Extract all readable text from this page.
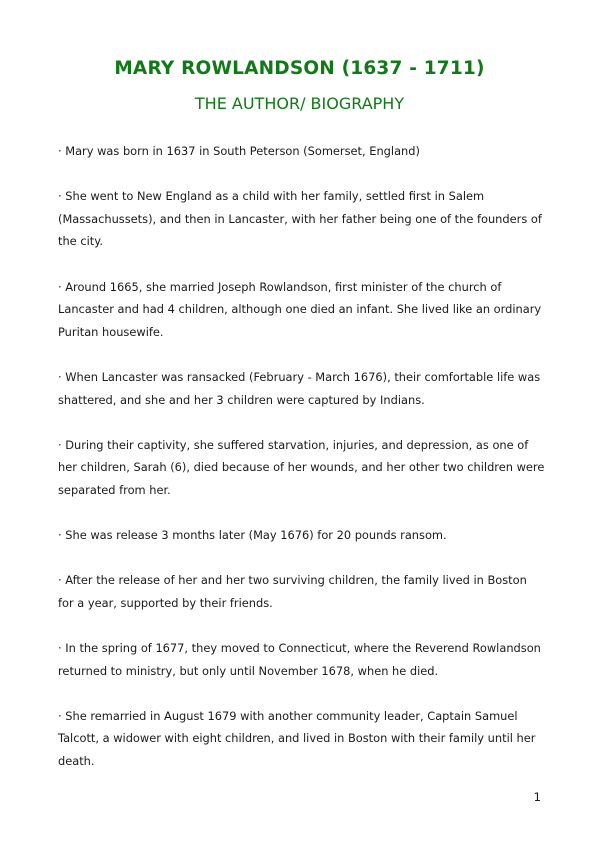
MARY ROWLANDSON (1637 - 1711)
THE AUTHOR/ BIOGRAPHY

· Mary was born in 1637 in South Peterson (Somerset, England)

· She went to New England as a child with her family, settled first in Salem (Massachussets), and then in Lancaster, with her father being one of the founders of the city.

· Around 1665, she married Joseph Rowlandson, first minister of the church of Lancaster and had 4 children, although one died an infant. She lived like an ordinary Puritan housewife.

· When Lancaster was ransacked (February - March 1676), their comfortable life was shattered, and she and her 3 children were captured by Indians.

· During their captivity, she suffered starvation, injuries, and depression, as one of her children, Sarah (6), died because of her wounds, and her other two children were separated from her.

· She was release 3 months later (May 1676) for 20 pounds ransom.

· After the release of her and her two surviving children, the family lived in Boston for a year, supported by their friends.

· In the spring of 1677, they moved to Connecticut, where the Reverend Rowlandson returned to ministry, but only until November 1678, when he died.

· She remarried in August 1679 with another community leader, Captain Samuel Talcott, a widower with eight children, and lived in Boston with their family until her death.

1
